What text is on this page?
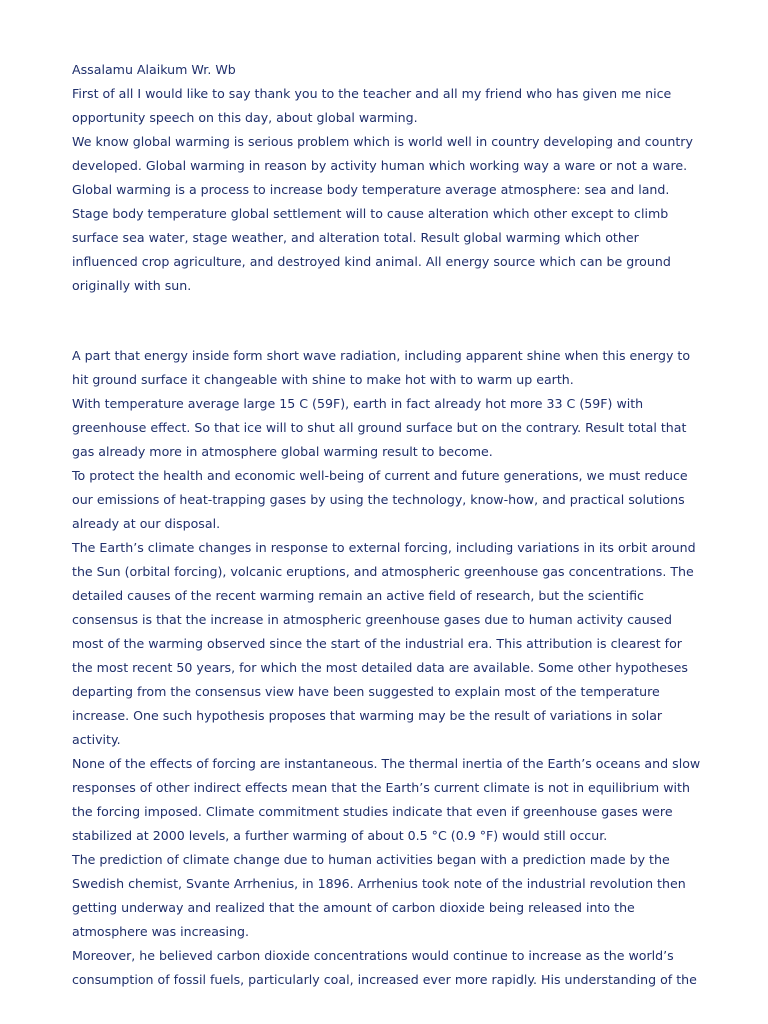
Assalamu Alaikum Wr. Wb

First of all I would like to say thank you to the teacher and all my friend who has given me nice opportunity speech on this day, about global warming.

We know global warming is serious problem which is world well in country developing and country developed. Global warming in reason by activity human which working way a ware or not a ware.

Global warming is a process to increase body temperature average atmosphere: sea and land. Stage body temperature global settlement will to cause alteration which other except to climb surface sea water, stage weather, and alteration total. Result global warming which other influenced crop agriculture, and destroyed kind animal. All energy source which can be ground originally with sun.

A part that energy inside form short wave radiation, including apparent shine when this energy to hit ground surface it changeable with shine to make hot with to warm up earth.

With temperature average large 15 C (59F), earth in fact already hot more 33 C (59F) with greenhouse effect. So that ice will to shut all ground surface but on the contrary. Result total that gas already more in atmosphere global warming result to become.

To protect the health and economic well-being of current and future generations, we must reduce our emissions of heat-trapping gases by using the technology, know-how, and practical solutions already at our disposal.

The Earth’s climate changes in response to external forcing, including variations in its orbit around the Sun (orbital forcing), volcanic eruptions, and atmospheric greenhouse gas concentrations. The detailed causes of the recent warming remain an active field of research, but the scientific consensus is that the increase in atmospheric greenhouse gases due to human activity caused most of the warming observed since the start of the industrial era. This attribution is clearest for the most recent 50 years, for which the most detailed data are available. Some other hypotheses departing from the consensus view have been suggested to explain most of the temperature increase. One such hypothesis proposes that warming may be the result of variations in solar activity.

None of the effects of forcing are instantaneous. The thermal inertia of the Earth’s oceans and slow responses of other indirect effects mean that the Earth’s current climate is not in equilibrium with the forcing imposed. Climate commitment studies indicate that even if greenhouse gases were stabilized at 2000 levels, a further warming of about 0.5 °C (0.9 °F) would still occur.

The prediction of climate change due to human activities began with a prediction made by the Swedish chemist, Svante Arrhenius, in 1896. Arrhenius took note of the industrial revolution then getting underway and realized that the amount of carbon dioxide being released into the atmosphere was increasing.

Moreover, he believed carbon dioxide concentrations would continue to increase as the world’s consumption of fossil fuels, particularly coal, increased ever more rapidly. His understanding of the
